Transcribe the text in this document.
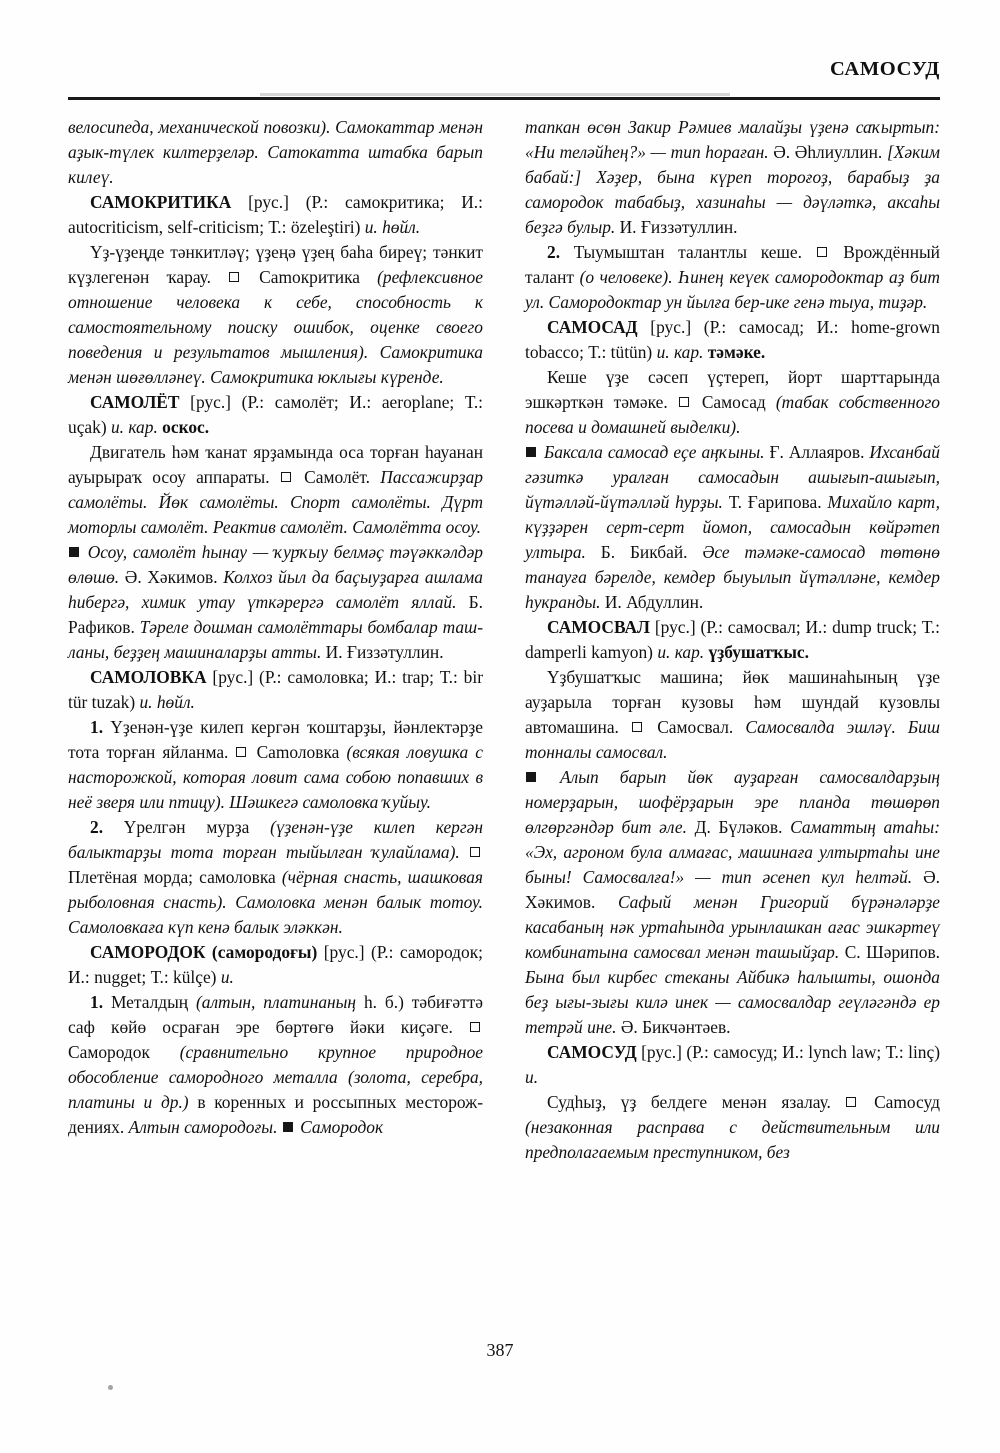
САМОСУД

велосипеда, механической повозки). Самокаттар менән аҙык-түлек килтерҙеләр. Саmокатта штабка барып килеү.

САМОКРИТИКА [рус.] (Р.: самокритика; И.: autocriticism, self-criticism; Т.: özeleştiri) и. һөйл.

Үҙ-үҙеңде тәнкитләү; үҙеңә үҙең баһа биреү; тәнкит күҙлегенән ҡарау.	Саmокритика (рефлексивное отношение человека к себе, способность к самостоятельному поиску ошибок, оценке своего поведения и результатов мышления). Самокритика менән шөғөлләнеү. Самокритика юклығы күренде.

САМОЛЁТ [рус.] (Р.: самолёт; И.: aeroplane; Т.: uçak) и. кар. оскос.

Двигатель һәм ҡанат ярҙамында оса торған һауанан ауырыраҡ осоу аппараты. Самолёт. Пассажирҙар самолёты. Йөк самолёты. Спорт самолёты. Дүрт моторлы самолёт. Реактив самолёт. Самолётта осоу.

Осоу, самолёт һынау — ҡурҡыу белмәҫ тәүәккәлдәр өлөшө. Ә. Хәкимов. Колхоз йыл да баҫыуҙарға ашлама һибергә, химик утау үткәрергә самолёт яллай. Б. Рафиков. Тәреле дошман самолёттары бомбалар ташланы, беҙҙең машиналарҙы атты. И. Ғиззәтуллин.

САМОЛОВКА [рус.] (Р.: самоловка; И.: trap; Т.: bir tür tuzak) и. һөйл.

1. Үҙенән-үҙе килеп кергән ҡоштарҙы, йәнлектәрҙе тота торған яйланма. Саmоловка (всякая ловушка с насторожкой, которая ловит сама собою попавших в неё зверя или птицу). Шәшкегә самоловка ҡуйыу.

2. Үрелгән мурҙа (үҙенән-үҙе килеп кергән балыктарҙы тота торған тыйылған ҡулайлама).  Плетёная морда; самоловка (чёрная снасть, шашковая рыболовная снасть). Самоловка менән балык тотоу. Самоловкаға күп кенә балык эләккән.

САМОРОДОК (самородоғы) [рус.] (Р.: самородок; И.: nugget; Т.: külçe) и.

1. Металдың (алтын, платинаның һ. б.) тәбиғәттә саф көйө осраған эре бөртөгө йәки киҫәге.  Самородок (сравнительно крупное природное обособление самородного металла (золота, серебра, платины и др.) в коренных и россыпных месторождениях. Алтын самородоғы.  Самородок

тапкан өсөн Закир Рәмиев малайҙы үҙенә саҡыртып: «Ни теләйһең?» — тип һораған. Ә. Әһлиуллин. [Хәким бабай:] Хәҙер, бына күреп тороғоҙ, барабыҙ ҙа самородок табабыҙ, хазинаһы — дәүләткә, аксаһы беҙгә булыр. И. Ғиззәтуллин.

2. Тыумыштан талантлы кеше. Врождённый талант (о человеке). Һинең кеүек самородоктар аҙ бит ул. Самородоктар ун йылға бер-ике генә тыуа, тиҙәр.

САМОСАД [рус.] (Р.: самосад; И.: home-grown tobacco; Т.: tütün) и. кар. тәмәке.

Кеше үҙе сәсеп үҫтереп, йорт шарттарында эшкәрткән тәмәке. Самосад (табак собственного посева и домашней выделки).

Баксала самосад еҫе аңҡыны. Ғ. Аллаяров. Ихсанбай гәзиткә уралған самосадын ашығып-ашығып, йүтәлләй-йүтәлләй һурҙы. Т. Ғарипова. Михайло карт, күҙҙәрен серт-серт йомоп, самосадын көйрәтеп ултыра. Б. Бикбай. Әсе тәмәке-самосад төтөнө танауға бәрелде, кемдер быуылып йүтәлләне, кемдер һукранды. И. Абдуллин.

САМОСВАЛ [рус.] (Р.: самосвал; И.: dump truck; Т.: damperli kamyon) и. кар. үҙбушатҡыс.

Үҙбушатҡыс машина; йөк машинаһының үҙе ауҙарыла торған кузовы һәм шундай кузовлы автомашина. Самосвал. Самосвалда эшләү. Биш тонналы самосвал.

Алып барып йөк ауҙарған самосвалдарҙың номерҙарын, шофёрҙарын эре планда төшөрөп өлгөргәндәр бит әле. Д. Бүләков. Саматтың атаһы: «Эх, агроном була алмағас, машинаға ултыртаһы ине быны! Самосвалға!» — тип әсенеп кул һелтәй. Ә. Хәкимов. Сафый менән Григорий бүрәнәләрҙе касабаның нәк уртаһында урынлашкан ағас эшкәртеү комбинатына самосвал менән ташыйҙар. С. Шәрипов. Бына был кирбес стеканы Айбикә һалышты, ошонда беҙ ығы-зығы килә инек — самосвалдар геүләгәндә ер тетрәй ине. Ә. Бикчәнтәев.

САМОСУД [рус.] (Р.: самосуд; И.: lynch law; Т.: linç) и.

Судһыҙ, үҙ белдеге менән язалау. Саmосуд (незаконная расправа с действительным или предполагаемым преступником, без

387
